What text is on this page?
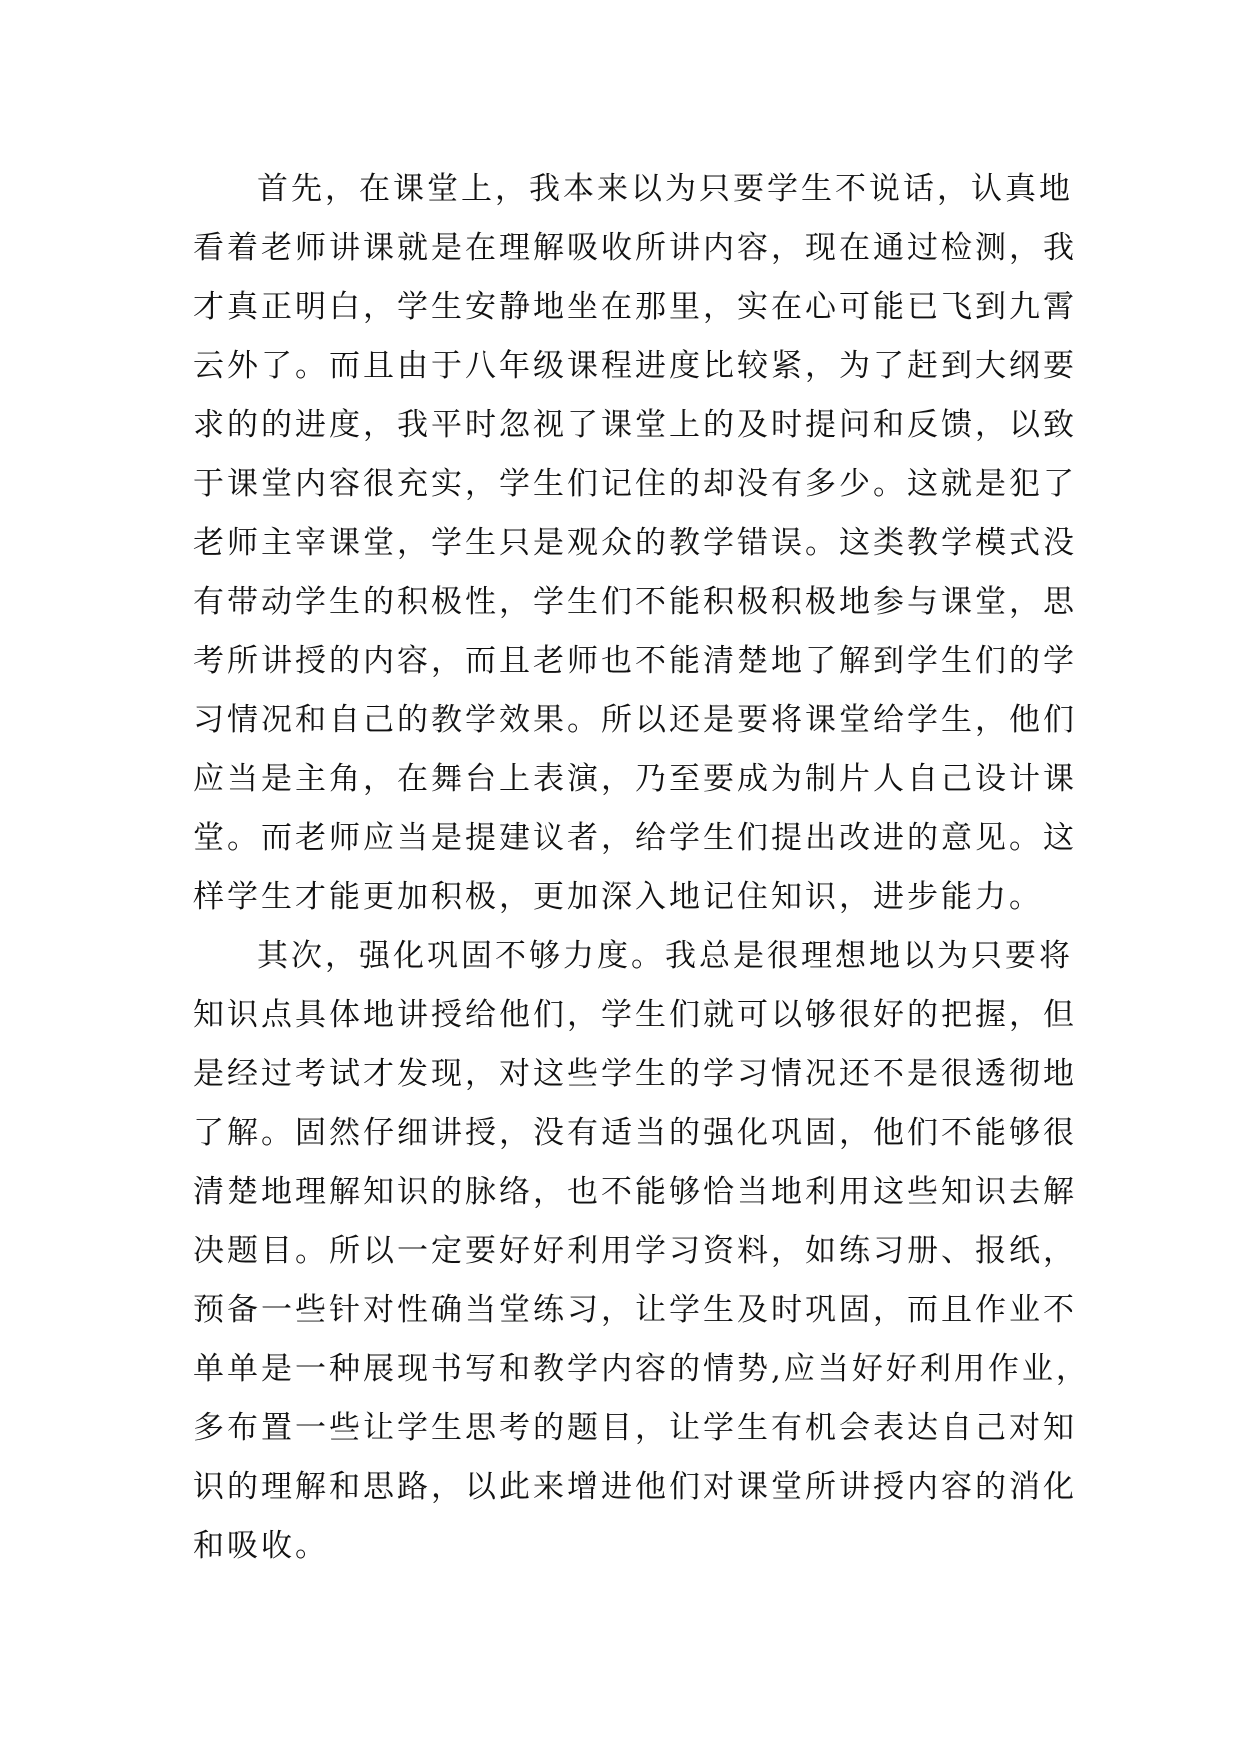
首 先 ， 在 课 堂 上 ， 我 本 来 以 为 只 要 学 生 不 说 话 ， 认 真 地
看 着 老 师 讲 课 就 是 在 理 解 吸 收 所 讲 内 容 ， 现 在 通 过 检 测 ， 我
才 真 正 明 白 ， 学 生 安 静 地 坐 在 那 里 ， 实 在 心 可 能 已 飞 到 九 霄
云 外 了 。 而 且 由 于 八 年 级 课 程 进 度 比 较 紧 ， 为 了 赶 到 大 纲 要
求 的 的 进 度 ， 我 平 时 忽 视 了 课 堂 上 的 及 时 提 问 和 反 馈 ， 以 致
于 课 堂 内 容 很 充 实 ， 学 生 们 记 住 的 却 没 有 多 少 。 这 就 是 犯 了
老 师 主 宰 课 堂 ， 学 生 只 是 观 众 的 教 学 错 误 。 这 类 教 学 模 式 没
有 带 动 学 生 的 积 极 性 ， 学 生 们 不 能 积 极 积 极 地 参 与 课 堂 ， 思
考 所 讲 授 的 内 容 ， 而 且 老 师 也 不 能 清 楚 地 了 解 到 学 生 们 的 学
习 情 况 和 自 己 的 教 学 效 果 。 所 以 还 是 要 将 课 堂 给 学 生 ， 他 们
应 当 是 主 角 ， 在 舞 台 上 表 演 ， 乃 至 要 成 为 制 片 人 自 己 设 计 课
堂 。 而 老 师 应 当 是 提 建 议 者 ， 给 学 生 们 提 出 改 进 的 意 见 。 这
样学生才能更加积极，更加深入地记住知识，进步能力。
其 次 ， 强 化 巩 固 不 够 力 度 。 我 总 是 很 理 想 地 以 为 只 要 将
知 识 点 具 体 地 讲 授 给 他 们 ， 学 生 们 就 可 以 够 很 好 的 把 握 ， 但
是 经 过 考 试 才 发 现 ， 对 这 些 学 生 的 学 习 情 况 还 不 是 很 透 彻 地
了 解 。 固 然 仔 细 讲 授 ， 没 有 适 当 的 强 化 巩 固 ， 他 们 不 能 够 很
清 楚 地 理 解 知 识 的 脉 络 ， 也 不 能 够 恰 当 地 利 用 这 些 知 识 去 解
决 题 目 。 所 以 一 定 要 好 好 利 用 学 习 资 料 ， 如 练 习 册 、 报 纸 ，
预 备 一 些 针 对 性 确 当 堂 练 习 ， 让 学 生 及 时 巩 固 ， 而 且 作 业 不
单 单 是 一 种 展 现 书 写 和 教 学 内 容 的 情 势 , 应 当 好 好 利 用 作 业 ，
多 布 置 一 些 让 学 生 思 考 的 题 目 ， 让 学 生 有 机 会 表 达 自 己 对 知
识 的 理 解 和 思 路 ， 以 此 来 增 进 他 们 对 课 堂 所 讲 授 内 容 的 消 化
和吸收。
